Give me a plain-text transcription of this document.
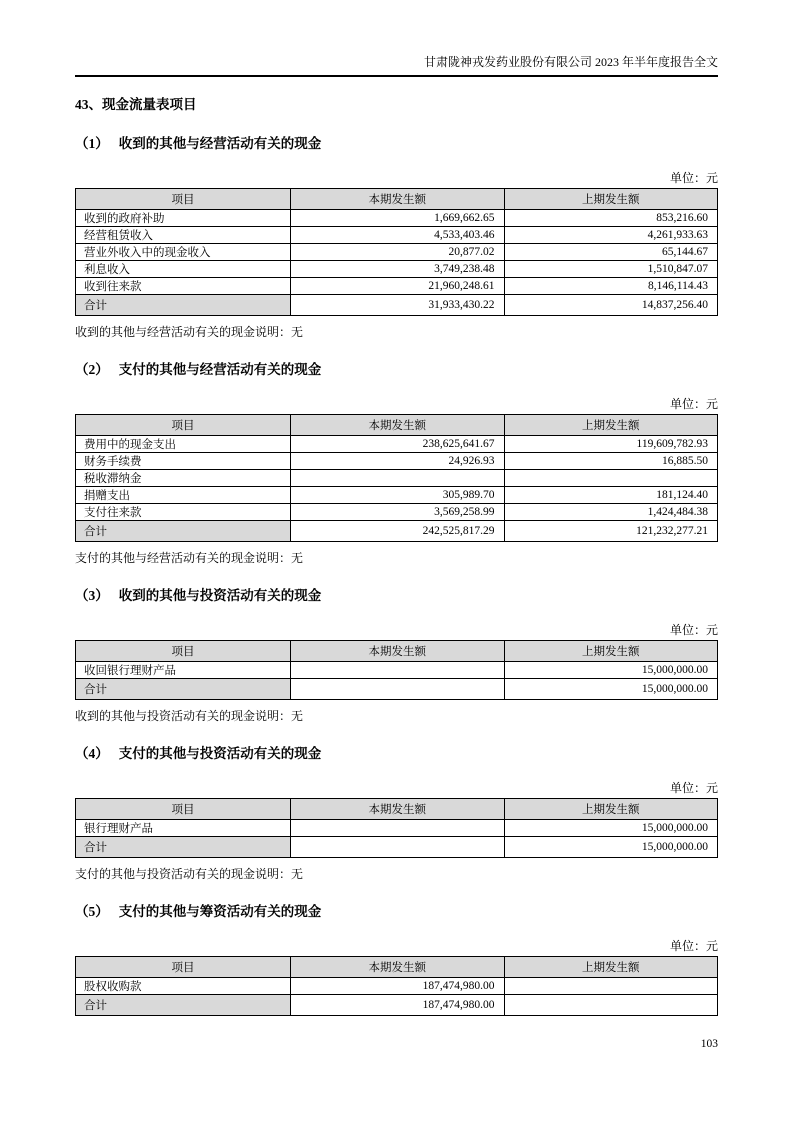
甘肃陇神戎发药业股份有限公司 2023 年半年度报告全文
43、现金流量表项目
（1） 收到的其他与经营活动有关的现金
单位：元
项目	本期发生额	上期发生额
收到的政府补助	1,669,662.65	853,216.60
经营租赁收入	4,533,403.46	4,261,933.63
营业外收入中的现金收入	20,877.02	65,144.67
利息收入	3,749,238.48	1,510,847.07
收到往来款	21,960,248.61	8,146,114.43
合计	31,933,430.22	14,837,256.40
收到的其他与经营活动有关的现金说明：无
（2） 支付的其他与经营活动有关的现金
单位：元
项目	本期发生额	上期发生额
费用中的现金支出	238,625,641.67	119,609,782.93
财务手续费	24,926.93	16,885.50
税收滞纳金		
捐赠支出	305,989.70	181,124.40
支付往来款	3,569,258.99	1,424,484.38
合计	242,525,817.29	121,232,277.21
支付的其他与经营活动有关的现金说明：无
（3） 收到的其他与投资活动有关的现金
单位：元
项目	本期发生额	上期发生额
收回银行理财产品		15,000,000.00
合计		15,000,000.00
收到的其他与投资活动有关的现金说明：无
（4） 支付的其他与投资活动有关的现金
单位：元
项目	本期发生额	上期发生额
银行理财产品		15,000,000.00
合计		15,000,000.00
支付的其他与投资活动有关的现金说明：无
（5） 支付的其他与筹资活动有关的现金
单位：元
项目	本期发生额	上期发生额
股权收购款	187,474,980.00	
合计	187,474,980.00	
103
